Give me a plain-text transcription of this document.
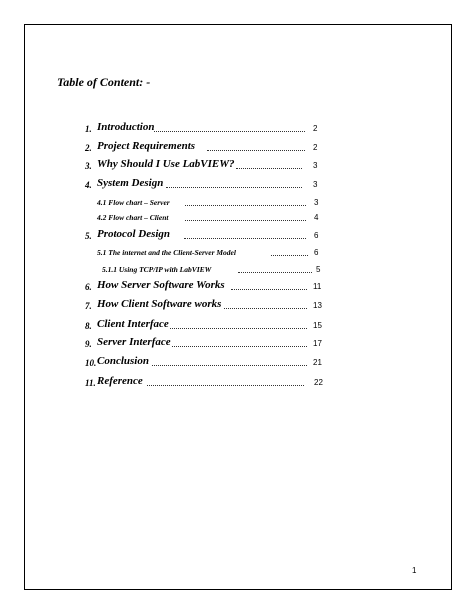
Table of Content: -
1. Introduction	2
2. Project Requirements	2
3. Why Should I Use LabVIEW?	3
4. System Design	3
4.1 Flow chart – Server	3
4.2 Flow chart – Client	4
5. Protocol Design	6
5.1 The internet and the Client-Server Model	6
5.1.1 Using TCP/IP with LabVIEW	5
6. How Server Software Works	11
7. How Client Software works	13
8. Client Interface	15
9. Server Interface	17
10. Conclusion	21
11. Reference	22
1
